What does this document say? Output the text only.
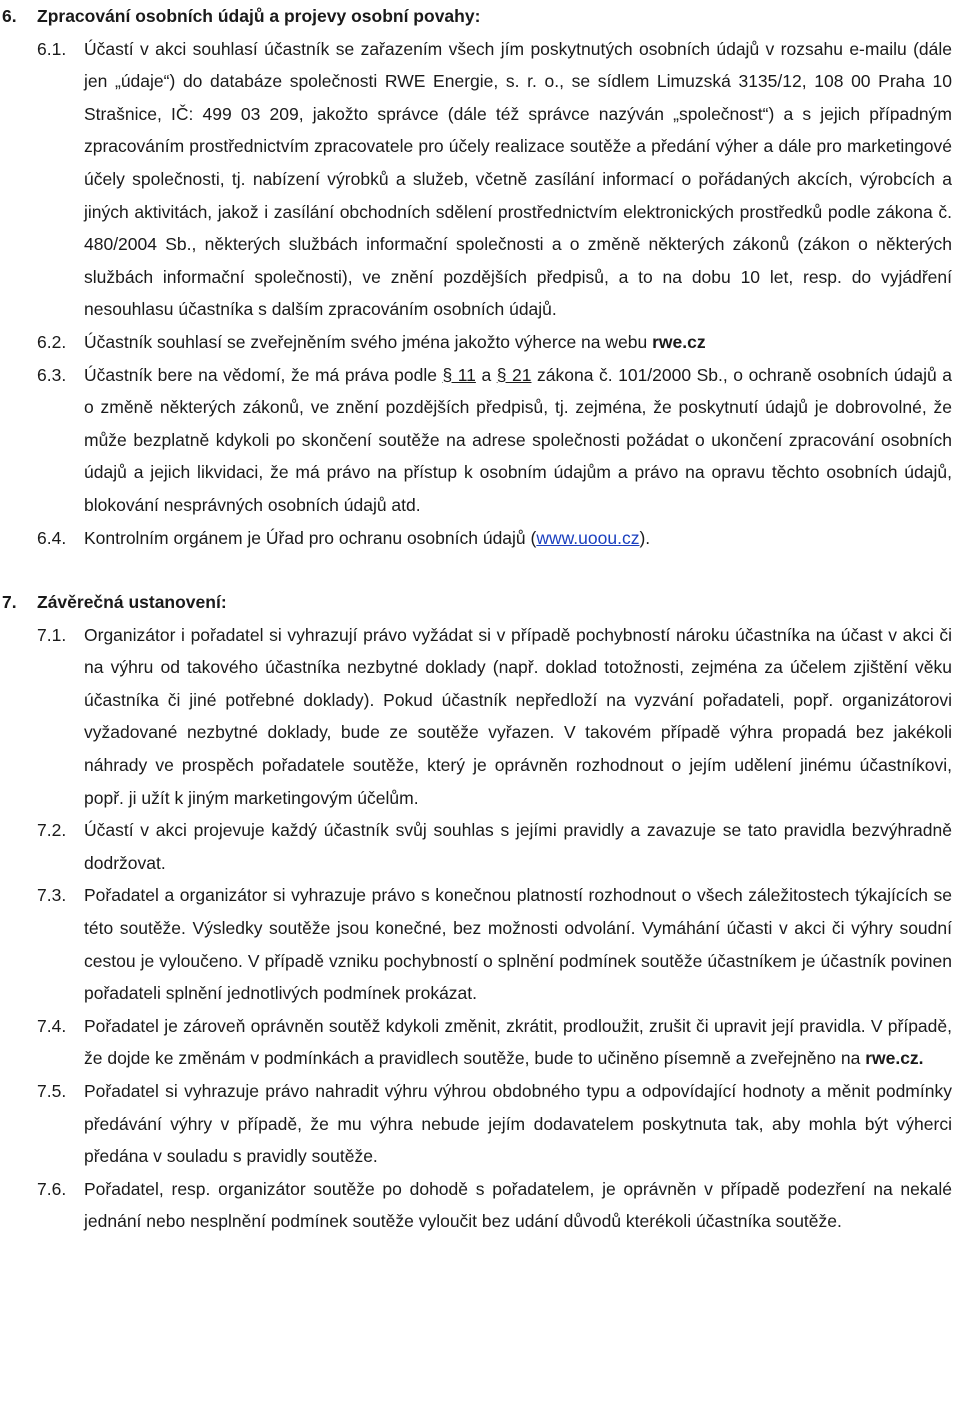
6. Zpracování osobních údajů a projevy osobní povahy:
6.1. Účastí v akci souhlasí účastník se zařazením všech jím poskytnutých osobních údajů v rozsahu e-mailu (dále jen „údaje“) do databáze společnosti RWE Energie, s. r. o., se sídlem Limuzská 3135/12, 108 00 Praha 10 Strašnice, IČ: 499 03 209, jakožto správce (dále též správce nazýván „společnost“) a s jejich případným zpracováním prostřednictvím zpracovatele pro účely realizace soutěže a předání výher a dále pro marketingové účely společnosti, tj. nabízení výrobků a služeb, včetně zasílání informací o pořádaných akcích, výrobcích a jiných aktivitách, jakož i zasílání obchodních sdělení prostřednictvím elektronických prostředků podle zákona č. 480/2004 Sb., některých službách informační společnosti a o změně některých zákonů (zákon o některých službách informační společnosti), ve znění pozdějších předpisů, a to na dobu 10 let, resp. do vyjádření nesouhlasu účastníka s dalším zpracováním osobních údajů.
6.2. Účastník souhlasí se zveřejněním svého jména jakožto výherce na webu rwe.cz
6.3. Účastník bere na vědomí, že má práva podle § 11 a § 21 zákona č. 101/2000 Sb., o ochraně osobních údajů a o změně některých zákonů, ve znění pozdějších předpisů, tj. zejména, že poskytnutí údajů je dobrovolné, že může bezplatně kdykoli po skončení soutěže na adrese společnosti požádat o ukončení zpracování osobních údajů a jejich likvidaci, že má právo na přístup k osobním údajům a právo na opravu těchto osobních údajů, blokování nesprávných osobních údajů atd.
6.4. Kontrolním orgánem je Úřad pro ochranu osobních údajů (www.uoou.cz).
7. Závěrečná ustanovení:
7.1. Organizátor i pořadatel si vyhrazují právo vyžádat si v případě pochybností nároku účastníka na účast v akci či na výhru od takového účastníka nezbytné doklady (např. doklad totožnosti, zejména za účelem zjištění věku účastníka či jiné potřebné doklady). Pokud účastník nepředloží na vyzvání pořadateli, popř. organizátorovi vyžadované nezbytné doklady, bude ze soutěže vyřazen. V takovém případě výhra propadá bez jakékoli náhrady ve prospěch pořadatele soutěže, který je oprávněn rozhodnout o jejím udělení jinému účastníkovi, popř. ji užít k jiným marketingovým účelům.
7.2. Účastí v akci projevuje každý účastník svůj souhlas s jejími pravidly a zavazuje se tato pravidla bezvýhradně dodržovat.
7.3. Pořadatel a organizátor si vyhrazuje právo s konečnou platností rozhodnout o všech záležitostech týkajících se této soutěže. Výsledky soutěže jsou konečné, bez možnosti odvolání. Vymáhání účasti v akci či výhry soudní cestou je vyloučeno. V případě vzniku pochybností o splnění podmínek soutěže účastníkem je účastník povinen pořadateli splnění jednotlivých podmínek prokázat.
7.4. Pořadatel je zároveň oprávněn soutěž kdykoli změnit, zkrátit, prodloužit, zrušit či upravit její pravidla. V případě, že dojde ke změnám v podmínkách a pravidlech soutěže, bude to učiněno písemně a zveřejněno na rwe.cz.
7.5. Pořadatel si vyhrazuje právo nahradit výhru výhrou obdobného typu a odpovídající hodnoty a měnit podmínky předávání výhry v případě, že mu výhra nebude jejím dodavatelem poskytnuta tak, aby mohla být výherci předána v souladu s pravidly soutěže.
7.6. Pořadatel, resp. organizátor soutěže po dohodě s pořadatelem, je oprávněn v případě podezření na nekalé jednání nebo nesplnění podmínek soutěže vyloučit bez udání důvodů kterékoli účastníka soutěže.
